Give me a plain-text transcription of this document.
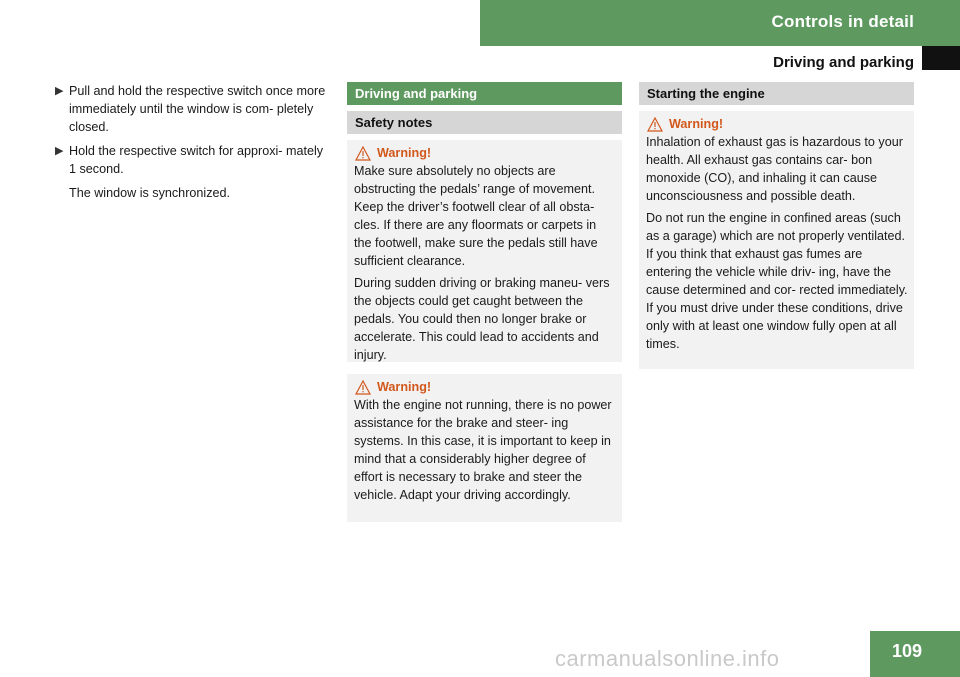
Controls in detail
Driving and parking
▶ Pull and hold the respective switch once more immediately until the window is com- pletely closed.
▶ Hold the respective switch for approxi- mately 1 second.
The window is synchronized.
Driving and parking
Safety notes
Warning!

Make sure absolutely no objects are obstructing the pedals’ range of movement. Keep the driver’s footwell clear of all obsta- cles. If there are any floormats or carpets in the footwell, make sure the pedals still have sufficient clearance.

During sudden driving or braking maneu- vers the objects could get caught between the pedals. You could then no longer brake or accelerate. This could lead to accidents and injury.

Warning!

With the engine not running, there is no power assistance for the brake and steer- ing systems. In this case, it is important to keep in mind that a considerably higher degree of effort is necessary to brake and steer the vehicle. Adapt your driving accordingly.

Starting the engine
Warning!

Inhalation of exhaust gas is hazardous to your health. All exhaust gas contains car- bon monoxide (CO), and inhaling it can cause unconsciousness and possible death.

Do not run the engine in confined areas (such as a garage) which are not properly ventilated. If you think that exhaust gas fumes are entering the vehicle while driv- ing, have the cause determined and cor- rected immediately. If you must drive under these conditions, drive only with at least one window fully open at all times.

carmanualsonline.info	109
